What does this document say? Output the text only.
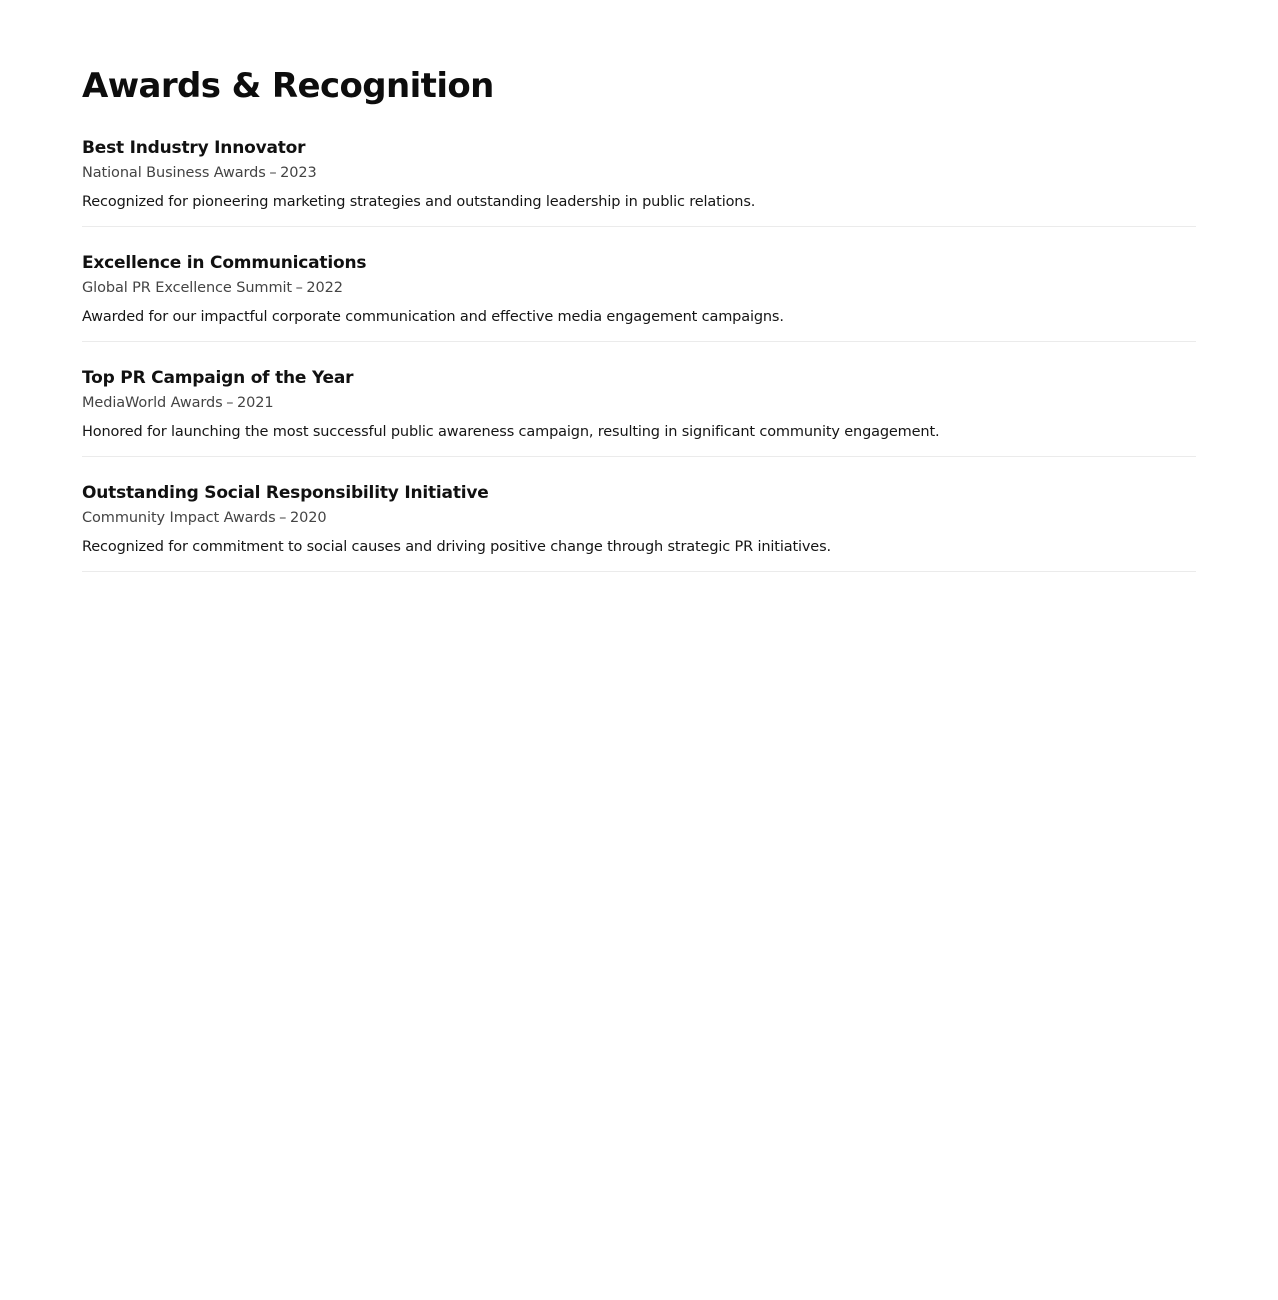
Awards & Recognition
Best Industry Innovator
National Business Awards – 2023
Recognized for pioneering marketing strategies and outstanding leadership in public relations.
Excellence in Communications
Global PR Excellence Summit – 2022
Awarded for our impactful corporate communication and effective media engagement campaigns.
Top PR Campaign of the Year
MediaWorld Awards – 2021
Honored for launching the most successful public awareness campaign, resulting in significant community engagement.
Outstanding Social Responsibility Initiative
Community Impact Awards – 2020
Recognized for commitment to social causes and driving positive change through strategic PR initiatives.
